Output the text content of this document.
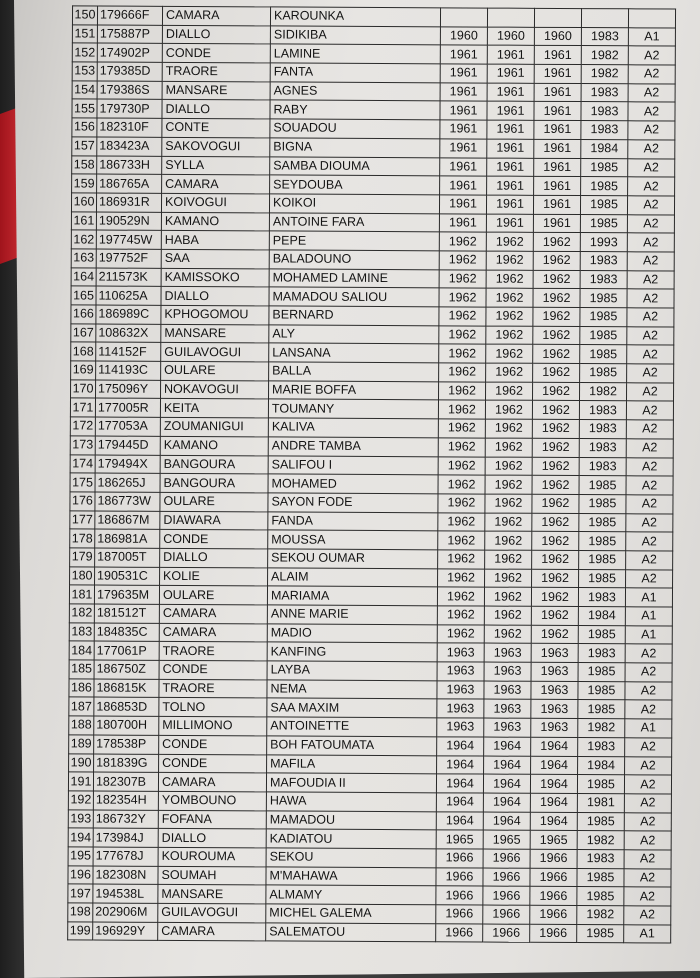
150	179666F	CAMARA	KAROUNKA					
151	175887P	DIALLO	SIDIKIBA	1960	1960	1960	1983	A1
152	174902P	CONDE	LAMINE	1961	1961	1961	1982	A2
153	179385D	TRAORE	FANTA	1961	1961	1961	1982	A2
154	179386S	MANSARE	AGNES	1961	1961	1961	1983	A2
155	179730P	DIALLO	RABY	1961	1961	1961	1983	A2
156	182310F	CONTE	SOUADOU	1961	1961	1961	1983	A2
157	183423A	SAKOVOGUI	BIGNA	1961	1961	1961	1984	A2
158	186733H	SYLLA	SAMBA DIOUMA	1961	1961	1961	1985	A2
159	186765A	CAMARA	SEYDOUBA	1961	1961	1961	1985	A2
160	186931R	KOIVOGUI	KOIKOI	1961	1961	1961	1985	A2
161	190529N	KAMANO	ANTOINE FARA	1961	1961	1961	1985	A2
162	197745W	HABA	PEPE	1962	1962	1962	1993	A2
163	197752F	SAA	BALADOUNO	1962	1962	1962	1983	A2
164	211573K	KAMISSOKO	MOHAMED LAMINE	1962	1962	1962	1983	A2
165	110625A	DIALLO	MAMADOU SALIOU	1962	1962	1962	1985	A2
166	186989C	KPHOGOMOU	BERNARD	1962	1962	1962	1985	A2
167	108632X	MANSARE	ALY	1962	1962	1962	1985	A2
168	114152F	GUILAVOGUI	LANSANA	1962	1962	1962	1985	A2
169	114193C	OULARE	BALLA	1962	1962	1962	1985	A2
170	175096Y	NOKAVOGUI	MARIE BOFFA	1962	1962	1962	1982	A2
171	177005R	KEITA	TOUMANY	1962	1962	1962	1983	A2
172	177053A	ZOUMANIGUI	KALIVA	1962	1962	1962	1983	A2
173	179445D	KAMANO	ANDRE TAMBA	1962	1962	1962	1983	A2
174	179494X	BANGOURA	SALIFOU I	1962	1962	1962	1983	A2
175	186265J	BANGOURA	MOHAMED	1962	1962	1962	1985	A2
176	186773W	OULARE	SAYON FODE	1962	1962	1962	1985	A2
177	186867M	DIAWARA	FANDA	1962	1962	1962	1985	A2
178	186981A	CONDE	MOUSSA	1962	1962	1962	1985	A2
179	187005T	DIALLO	SEKOU OUMAR	1962	1962	1962	1985	A2
180	190531C	KOLIE	ALAIM	1962	1962	1962	1985	A2
181	179635M	OULARE	MARIAMA	1962	1962	1962	1983	A1
182	181512T	CAMARA	ANNE MARIE	1962	1962	1962	1984	A1
183	184835C	CAMARA	MADIO	1962	1962	1962	1985	A1
184	177061P	TRAORE	KANFING	1963	1963	1963	1983	A2
185	186750Z	CONDE	LAYBA	1963	1963	1963	1985	A2
186	186815K	TRAORE	NEMA	1963	1963	1963	1985	A2
187	186853D	TOLNO	SAA MAXIM	1963	1963	1963	1985	A2
188	180700H	MILLIMONO	ANTOINETTE	1963	1963	1963	1982	A1
189	178538P	CONDE	BOH FATOUMATA	1964	1964	1964	1983	A2
190	181839G	CONDE	MAFILA	1964	1964	1964	1984	A2
191	182307B	CAMARA	MAFOUDIA II	1964	1964	1964	1985	A2
192	182354H	YOMBOUNO	HAWA	1964	1964	1964	1981	A2
193	186732Y	FOFANA	MAMADOU	1964	1964	1964	1985	A2
194	173984J	DIALLO	KADIATOU	1965	1965	1965	1982	A2
195	177678J	KOUROUMA	SEKOU	1966	1966	1966	1983	A2
196	182308N	SOUMAH	M'MAHAWA	1966	1966	1966	1985	A2
197	194538L	MANSARE	ALMAMY	1966	1966	1966	1985	A2
198	202906M	GUILAVOGUI	MICHEL GALEMA	1966	1966	1966	1982	A2
199	196929Y	CAMARA	SALEMATOU	1966	1966	1966	1985	A1
